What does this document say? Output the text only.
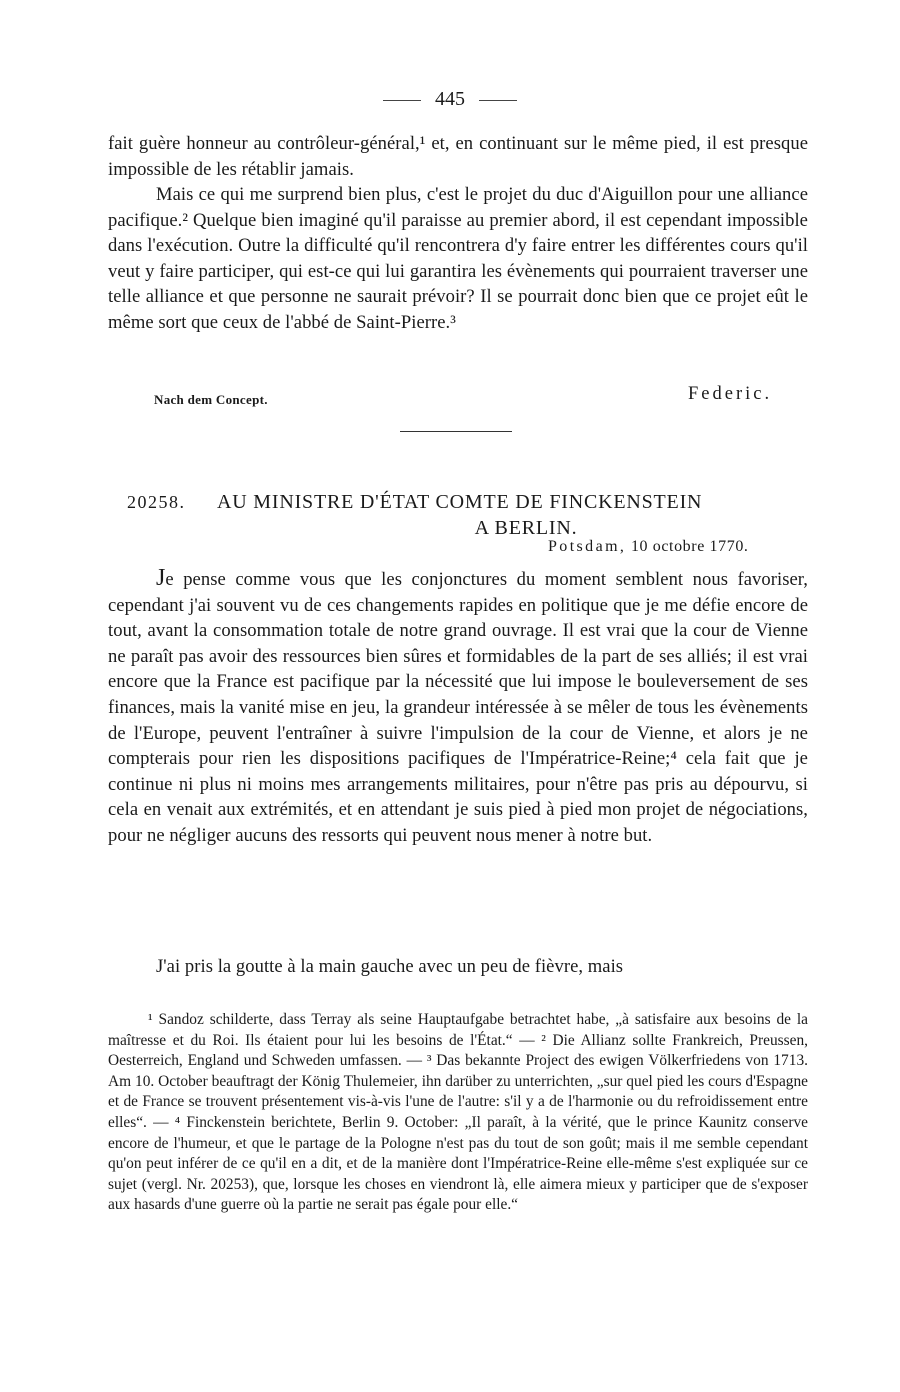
445

fait guère honneur au contrôleur-général,¹ et, en continuant sur le même pied, il est presque impossible de les rétablir jamais.

Mais ce qui me surprend bien plus, c'est le projet du duc d'Aiguillon pour une alliance pacifique.² Quelque bien imaginé qu'il paraisse au premier abord, il est cependant impossible dans l'exécution. Outre la difficulté qu'il rencontrera d'y faire entrer les différentes cours qu'il veut y faire participer, qui est-ce qui lui garantira les évènements qui pourraient traverser une telle alliance et que personne ne saurait prévoir? Il se pourrait donc bien que ce projet eût le même sort que ceux de l'abbé de Saint-Pierre.³

Nach dem Concept.	Federic.
20258. AU MINISTRE D'ÉTAT COMTE DE FINCKENSTEIN
A BERLIN.
Potsdam, 10 octobre 1770.

Je pense comme vous que les conjonctures du moment semblent nous favoriser, cependant j'ai souvent vu de ces changements rapides en politique que je me défie encore de tout, avant la consommation totale de notre grand ouvrage. Il est vrai que la cour de Vienne ne paraît pas avoir des ressources bien sûres et formidables de la part de ses alliés; il est vrai encore que la France est pacifique par la nécessité que lui impose le bouleversement de ses finances, mais la vanité mise en jeu, la grandeur intéressée à se mêler de tous les évènements de l'Europe, peuvent l'entraîner à suivre l'impulsion de la cour de Vienne, et alors je ne compterais pour rien les dispositions pacifiques de l'Impératrice-Reine;⁴ cela fait que je continue ni plus ni moins mes arrangements militaires, pour n'être pas pris au dépourvu, si cela en venait aux extrémités, et en attendant je suis pied à pied mon projet de négociations, pour ne négliger aucuns des ressorts qui peuvent nous mener à notre but.

J'ai pris la goutte à la main gauche avec un peu de fièvre, mais

¹ Sandoz schilderte, dass Terray als seine Hauptaufgabe betrachtet habe, „à satisfaire aux besoins de la maîtresse et du Roi. Ils étaient pour lui les besoins de l'État.“ — ² Die Allianz sollte Frankreich, Preussen, Oesterreich, England und Schweden umfassen. — ³ Das bekannte Project des ewigen Völkerfriedens von 1713. Am 10. October beauftragt der König Thulemeier, ihn darüber zu unterrichten, „sur quel pied les cours d'Espagne et de France se trouvent présentement vis-à-vis l'une de l'autre: s'il y a de l'harmonie ou du refroidissement entre elles“. — ⁴ Finckenstein berichtete, Berlin 9. October: „Il paraît, à la vérité, que le prince Kaunitz conserve encore de l'humeur, et que le partage de la Pologne n'est pas du tout de son goût; mais il me semble cependant qu'on peut inférer de ce qu'il en a dit, et de la manière dont l'Impératrice-Reine elle-même s'est expliquée sur ce sujet (vergl. Nr. 20253), que, lorsque les choses en viendront là, elle aimera mieux y participer que de s'exposer aux hasards d'une guerre où la partie ne serait pas égale pour elle.“
